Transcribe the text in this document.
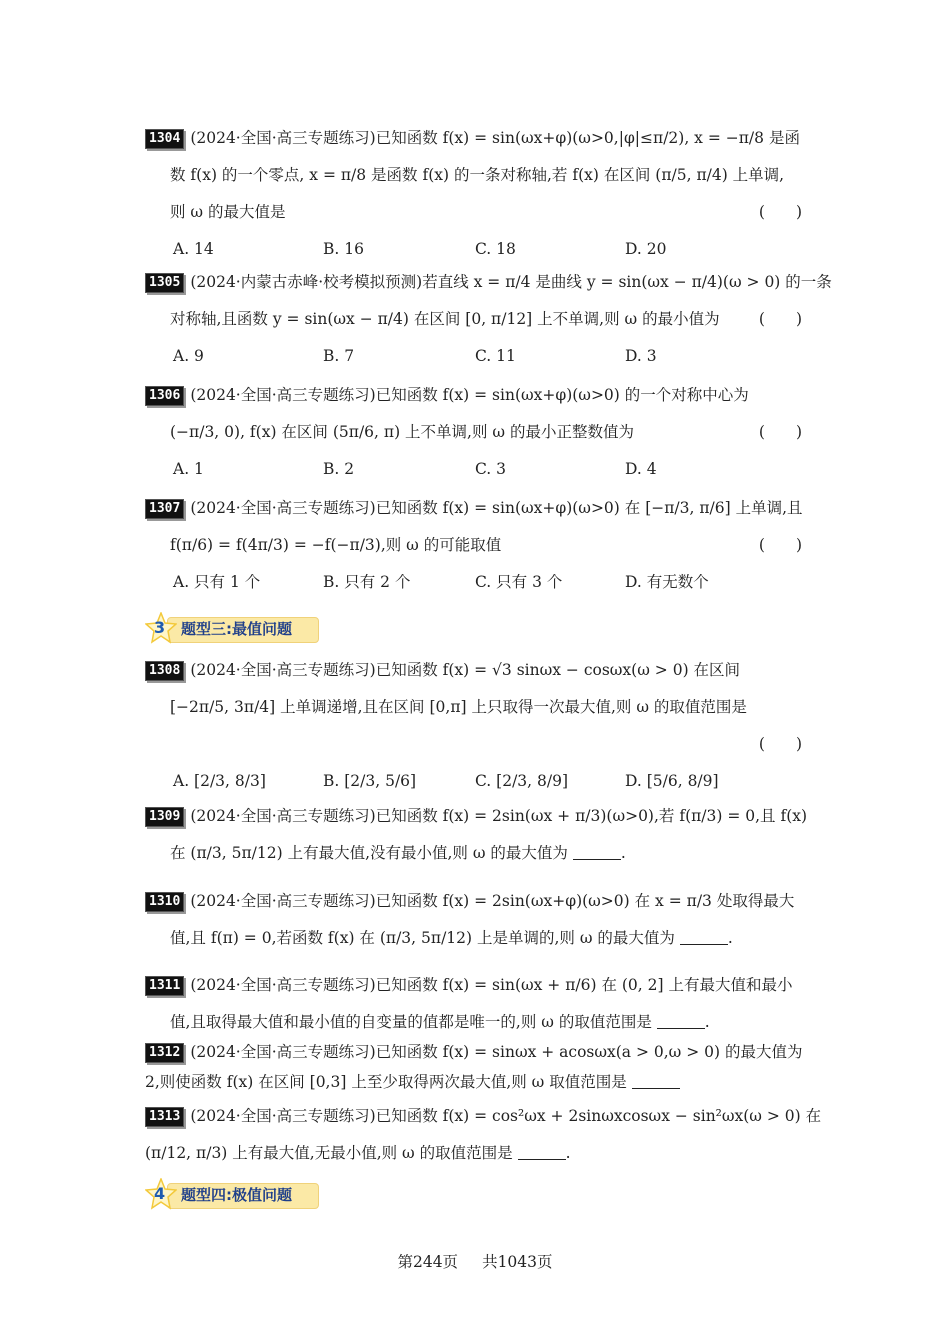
1304 (2024·全国·高三专题练习)已知函数 f(x) = sin(ωx+φ)(ω>0,|φ|≤π/2), x = −π/8 是函
数 f(x) 的一个零点, x = π/8 是函数 f(x) 的一条对称轴,若 f(x) 在区间 (π/5, π/4) 上单调,
则 ω 的最大值是	(　　)
A. 14	B. 16	C. 18	D. 20
1305 (2024·内蒙古赤峰·校考模拟预测)若直线 x = π/4 是曲线 y = sin(ωx − π/4)(ω > 0) 的一条
对称轴,且函数 y = sin(ωx − π/4) 在区间 [0, π/12] 上不单调,则 ω 的最小值为	(　　)
A. 9	B. 7	C. 11	D. 3
1306 (2024·全国·高三专题练习)已知函数 f(x) = sin(ωx+φ)(ω>0) 的一个对称中心为
(−π/3, 0), f(x) 在区间 (5π/6, π) 上不单调,则 ω 的最小正整数值为	(　　)
A. 1	B. 2	C. 3	D. 4
1307 (2024·全国·高三专题练习)已知函数 f(x) = sin(ωx+φ)(ω>0) 在 [−π/3, π/6] 上单调,且
f(π/6) = f(4π/3) = −f(−π/3),则 ω 的可能取值	(　　)
A. 只有 1 个	B. 只有 2 个	C. 只有 3 个	D. 有无数个
3 题型三:最值问题
1308 (2024·全国·高三专题练习)已知函数 f(x) = √3 sinωx − cosωx(ω > 0) 在区间
[−2π/5, 3π/4] 上单调递增,且在区间 [0,π] 上只取得一次最大值,则 ω 的取值范围是
(　　)
A. [2/3, 8/3]	B. [2/3, 5/6]	C. [2/3, 8/9]	D. [5/6, 8/9]
1309 (2024·全国·高三专题练习)已知函数 f(x) = 2sin(ωx + π/3)(ω>0),若 f(π/3) = 0,且 f(x)
在 (π/3, 5π/12) 上有最大值,没有最小值,则 ω 的最大值为	.
1310 (2024·全国·高三专题练习)已知函数 f(x) = 2sin(ωx+φ)(ω>0) 在 x = π/3 处取得最大
值,且 f(π) = 0,若函数 f(x) 在 (π/3, 5π/12) 上是单调的,则 ω 的最大值为	.
1311 (2024·全国·高三专题练习)已知函数 f(x) = sin(ωx + π/6) 在 (0, 2] 上有最大值和最小
值,且取得最大值和最小值的自变量的值都是唯一的,则 ω 的取值范围是	.
1312 (2024·全国·高三专题练习)已知函数 f(x) = sinωx + acosωx(a > 0,ω > 0) 的最大值为
2,则使函数 f(x) 在区间 [0,3] 上至少取得两次最大值,则 ω 取值范围是
1313 (2024·全国·高三专题练习)已知函数 f(x) = cos²ωx + 2sinωxcosωx − sin²ωx(ω > 0) 在
(π/12, π/3) 上有最大值,无最小值,则 ω 的取值范围是	.
4 题型四:极值问题
第244页 共1043页
